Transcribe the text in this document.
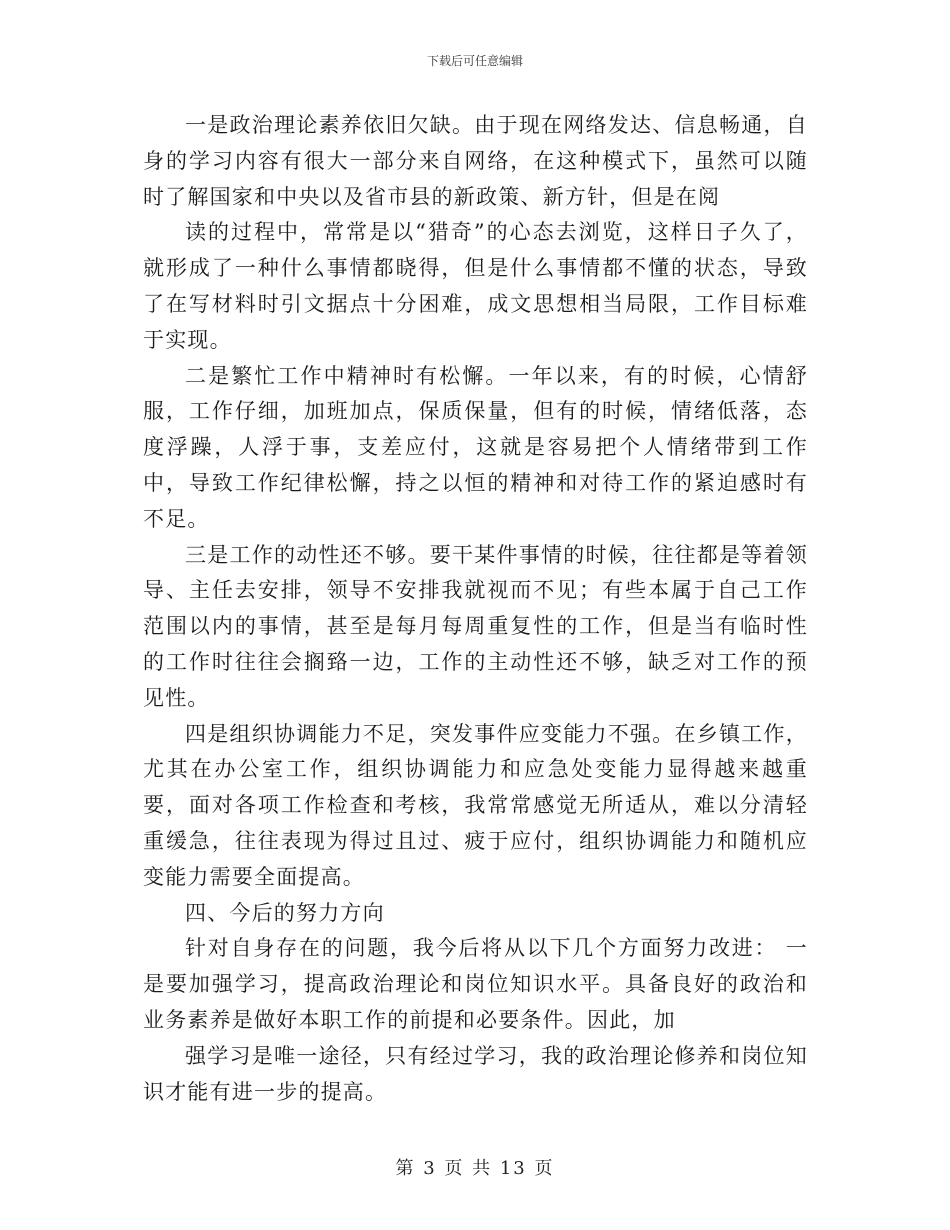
下载后可任意编辑

一是政治理论素养依旧欠缺。由于现在网络发达、信息畅通，自身的学习内容有很大一部分来自网络，在这种模式下，虽然可以随时了解国家和中央以及省市县的新政策、新方针，但是在阅

读的过程中，常常是以“猎奇”的心态去浏览，这样日子久了，就形成了一种什么事情都晓得，但是什么事情都不懂的状态，导致了在写材料时引文据点十分困难，成文思想相当局限，工作目标难于实现。

二是繁忙工作中精神时有松懈。一年以来，有的时候，心情舒服，工作仔细，加班加点，保质保量，但有的时候，情绪低落，态度浮躁，人浮于事，支差应付，这就是容易把个人情绪带到工作中，导致工作纪律松懈，持之以恒的精神和对待工作的紧迫感时有不足。

三是工作的动性还不够。要干某件事情的时候，往往都是等着领导、主任去安排，领导不安排我就视而不见；有些本属于自己工作范围以内的事情，甚至是每月每周重复性的工作，但是当有临时性的工作时往往会搁臵一边，工作的主动性还不够，缺乏对工作的预见性。

四是组织协调能力不足，突发事件应变能力不强。在乡镇工作，尤其在办公室工作，组织协调能力和应急处变能力显得越来越重要，面对各项工作检查和考核，我常常感觉无所适从，难以分清轻重缓急，往往表现为得过且过、疲于应付，组织协调能力和随机应变能力需要全面提高。

四、今后的努力方向

针对自身存在的问题，我今后将从以下几个方面努力改进： 一是要加强学习，提高政治理论和岗位知识水平。具备良好的政治和业务素养是做好本职工作的前提和必要条件。因此，加

强学习是唯一途径，只有经过学习，我的政治理论修养和岗位知识才能有进一步的提高。

第 3 页 共 13 页
